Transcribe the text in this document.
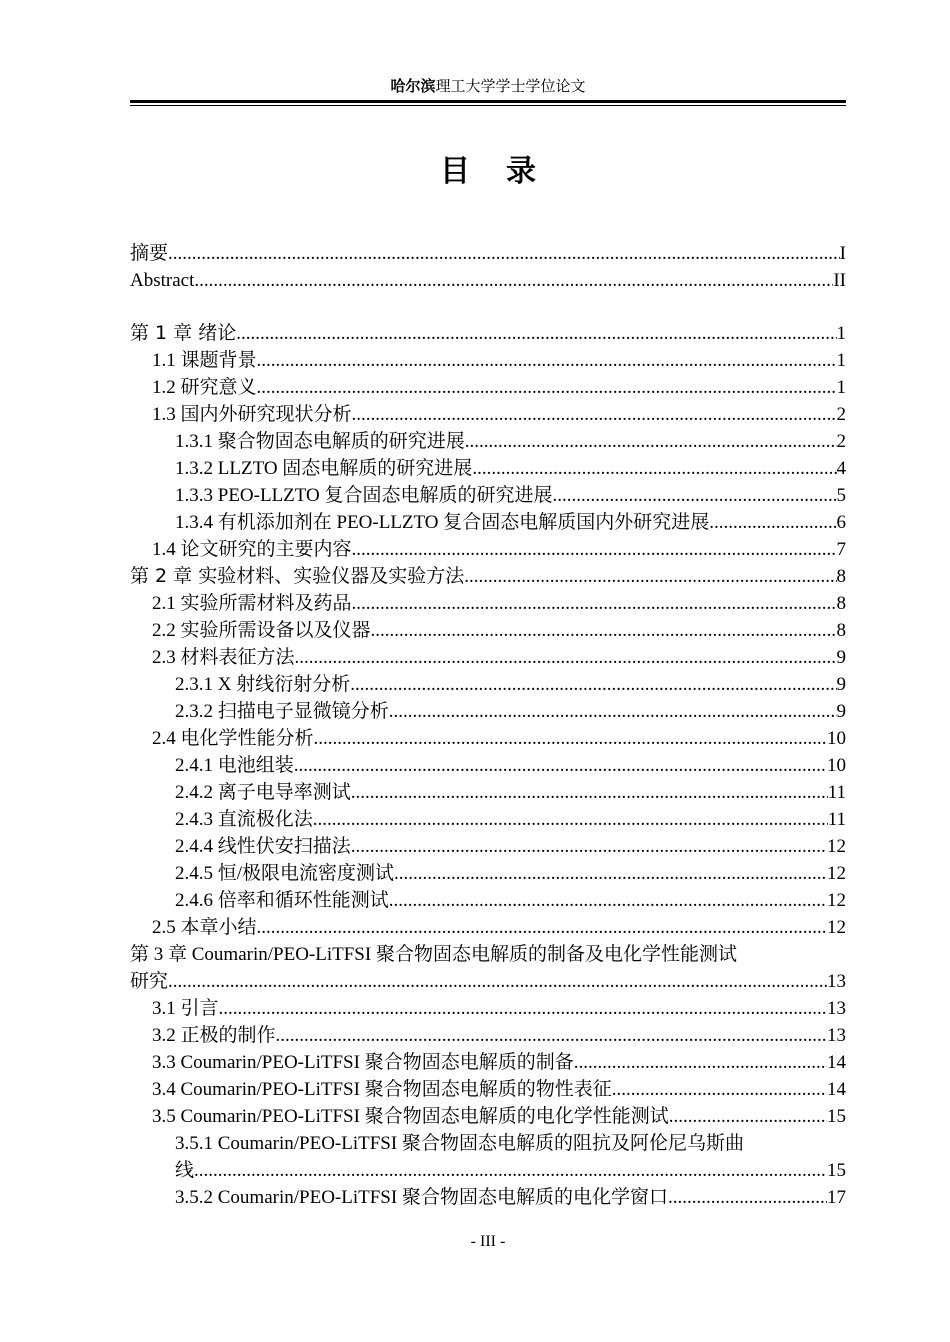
哈尔滨理工大学学士学位论文
目录
摘要 .....	I
Abstract .....	II
第 1 章 绪论 .....	1
1.1 课题背景 .....	1
1.2 研究意义 .....	1
1.3 国内外研究现状分析 .....	2
1.3.1 聚合物固态电解质的研究进展 .....	2
1.3.2 LLZTO 固态电解质的研究进展 .....	4
1.3.3 PEO-LLZTO 复合固态电解质的研究进展 .....	5
1.3.4 有机添加剂在 PEO-LLZTO 复合固态电解质国内外研究进展 .....	6
1.4 论文研究的主要内容 .....	7
第 2 章 实验材料、实验仪器及实验方法 .....	8
2.1 实验所需材料及药品 .....	8
2.2 实验所需设备以及仪器 .....	8
2.3 材料表征方法 .....	9
2.3.1 X 射线衍射分析 .....	9
2.3.2 扫描电子显微镜分析 .....	9
2.4 电化学性能分析 .....	10
2.4.1 电池组装 .....	10
2.4.2 离子电导率测试 .....	11
2.4.3 直流极化法 .....	11
2.4.4 线性伏安扫描法 .....	12
2.4.5 恒/极限电流密度测试 .....	12
2.4.6 倍率和循环性能测试 .....	12
2.5 本章小结 .....	12
第 3 章 Coumarin/PEO-LiTFSI 聚合物固态电解质的制备及电化学性能测试
研究 .....	13
3.1 引言 .....	13
3.2 正极的制作 .....	13
3.3 Coumarin/PEO-LiTFSI 聚合物固态电解质的制备 .....	14
3.4 Coumarin/PEO-LiTFSI 聚合物固态电解质的物性表征 .....	14
3.5 Coumarin/PEO-LiTFSI 聚合物固态电解质的电化学性能测试 .....	15
3.5.1 Coumarin/PEO-LiTFSI 聚合物固态电解质的阻抗及阿伦尼乌斯曲
线 .....	15
3.5.2 Coumarin/PEO-LiTFSI 聚合物固态电解质的电化学窗口 .....	17
- III -
